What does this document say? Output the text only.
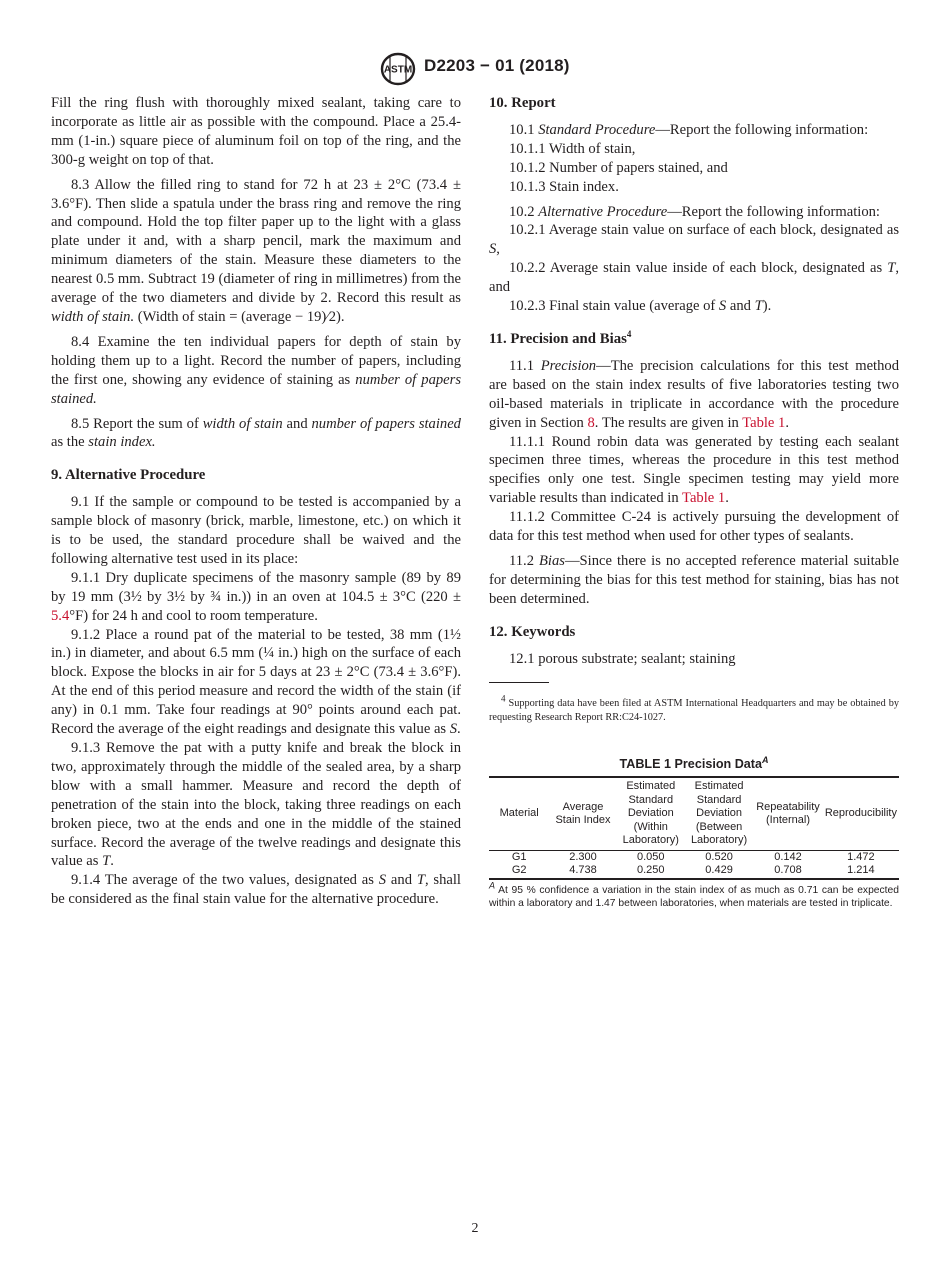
ASTM D2203 − 01 (2018)

Fill the ring flush with thoroughly mixed sealant, taking care to incorporate as little air as possible with the compound. Place a 25.4-mm (1-in.) square piece of aluminum foil on top of the ring, and the 300-g weight on top of that.

8.3 Allow the filled ring to stand for 72 h at 23 ± 2°C (73.4 ± 3.6°F). Then slide a spatula under the brass ring and remove the ring and compound. Hold the top filter paper up to the light with a glass plate under it and, with a sharp pencil, mark the maximum and minimum diameters of the stain. Measure these diameters to the nearest 0.5 mm. Subtract 19 (diameter of ring in millimetres) from the average of the two diameters and divide by 2. Record this result as width of stain. (Width of stain = (average − 19)⁄2).

8.4 Examine the ten individual papers for depth of stain by holding them up to a light. Record the number of papers, including the first one, showing any evidence of staining as number of papers stained.

8.5 Report the sum of width of stain and number of papers stained as the stain index.

9. Alternative Procedure

9.1 If the sample or compound to be tested is accompanied by a sample block of masonry (brick, marble, limestone, etc.) on which it is to be used, the standard procedure shall be waived and the following alternative test used in its place:

9.1.1 Dry duplicate specimens of the masonry sample (89 by 89 by 19 mm (3½ by 3½ by ¾ in.)) in an oven at 104.5 ± 3°C (220 ± 5.4°F) for 24 h and cool to room temperature.

9.1.2 Place a round pat of the material to be tested, 38 mm (1½ in.) in diameter, and about 6.5 mm (¼ in.) high on the surface of each block. Expose the blocks in air for 5 days at 23 ± 2°C (73.4 ± 3.6°F). At the end of this period measure and record the width of the stain (if any) in 0.1 mm. Take four readings at 90° points around each pat. Record the average of the eight readings and designate this value as S.

9.1.3 Remove the pat with a putty knife and break the block in two, approximately through the middle of the sealed area, by a sharp blow with a small hammer. Measure and record the depth of penetration of the stain into the block, taking three readings on each broken piece, two at the ends and one in the middle of the stained surface. Record the average of the twelve readings and designate this value as T.

9.1.4 The average of the two values, designated as S and T, shall be considered as the final stain value for the alternative procedure.

10. Report

10.1 Standard Procedure—Report the following information:

10.1.1 Width of stain,

10.1.2 Number of papers stained, and

10.1.3 Stain index.

10.2 Alternative Procedure—Report the following information:

10.2.1 Average stain value on surface of each block, designated as S,

10.2.2 Average stain value inside of each block, designated as T, and

10.2.3 Final stain value (average of S and T).

11. Precision and Bias$^4$

11.1 Precision—The precision calculations for this test method are based on the stain index results of five laboratories testing two oil-based materials in triplicate in accordance with the procedure given in Section 8. The results are given in Table 1.

11.1.1 Round robin data was generated by testing each sealant specimen three times, whereas the procedure in this test method specifies only one test. Single specimen testing may yield more variable results than indicated in Table 1.

11.1.2 Committee C-24 is actively pursuing the development of data for this test method when used for other types of sealants.

11.2 Bias—Since there is no accepted reference material suitable for determining the bias for this test method for staining, bias has not been determined.

12. Keywords

12.1 porous substrate; sealant; staining

$^4$ Supporting data have been filed at ASTM International Headquarters and may be obtained by requesting Research Report RR:C24-1027.

TABLE 1 Precision Data$^A$
Material	Average Stain Index	Estimated Standard Deviation (Within Laboratory)	Estimated Standard Deviation (Between Laboratory)	Repeatability (Internal)	Reproducibility
G1	2.300	0.050	0.520	0.142	1.472
G2	4.738	0.250	0.429	0.708	1.214

$^A$ At 95 % confidence a variation in the stain index of as much as 0.71 can be expected within a laboratory and 1.47 between laboratories, when materials are tested in triplicate.

2
